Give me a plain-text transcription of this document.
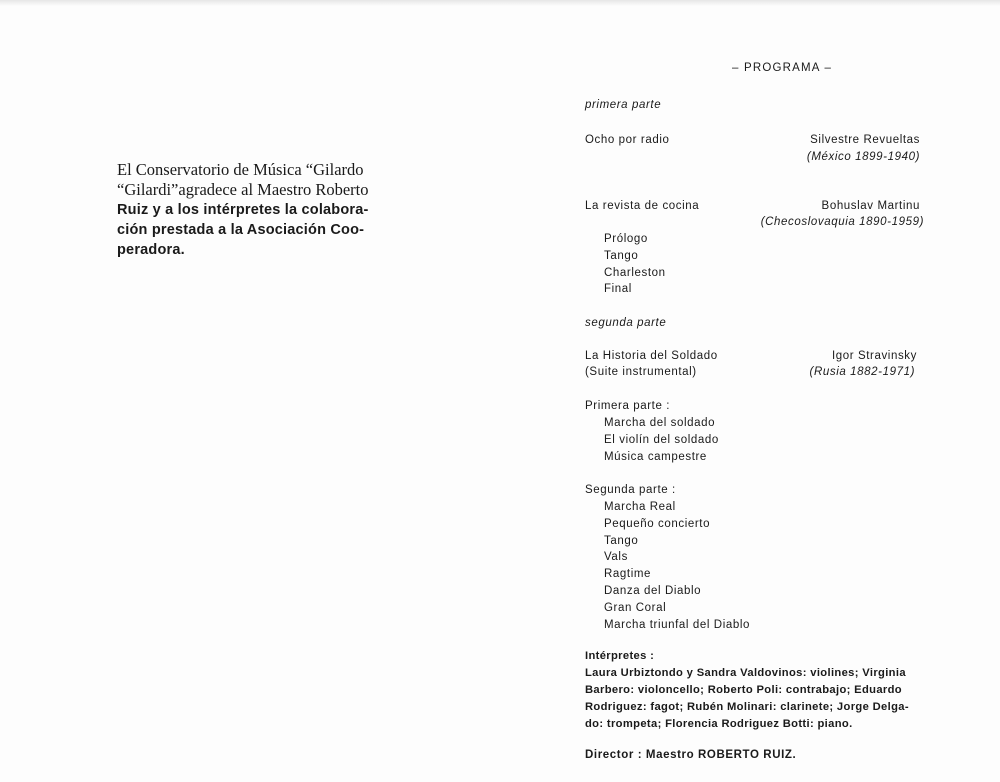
El Conservatorio de Música “Gilardo
“Gilardi”agradece al Maestro Roberto
Ruiz y a los intérpretes la colabora-
ción prestada a la Asociación Coo-
peradora.
– PROGRAMA –
primera parte
Ocho por radio	Silvestre Revueltas
(México 1899-1940)
La revista de cocina	Bohuslav Martinu
(Checoslovaquia 1890-1959)
Prólogo
Tango
Charleston
Final
segunda parte
La Historia del Soldado
(Suite instrumental)
Igor Stravinsky
(Rusia 1882-1971)
Primera parte :
Marcha del soldado
El violín del soldado
Música campestre
Segunda parte :
Marcha Real
Pequeño concierto
Tango
Vals
Ragtime
Danza del Diablo
Gran Coral
Marcha triunfal del Diablo
Intérpretes :
Laura Urbiztondo y Sandra Valdovinos: violines; Virginia
Barbero: violoncello; Roberto Poli: contrabajo; Eduardo
Rodriguez: fagot; Rubén Molinari: clarinete; Jorge Delga-
do: trompeta; Florencia Rodriguez Botti: piano.
Director : Maestro ROBERTO RUIZ.
